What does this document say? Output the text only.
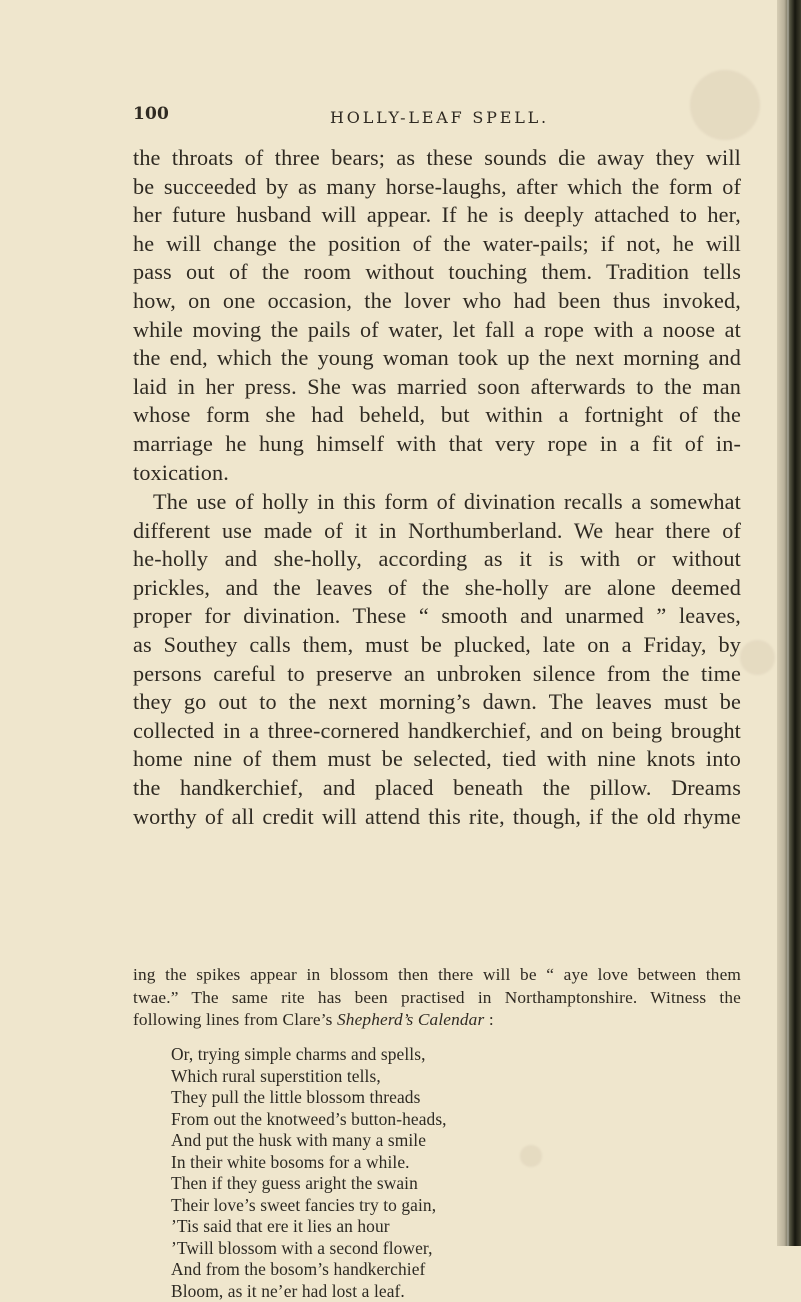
100	HOLLY-LEAF SPELL.
the throats of three bears; as these sounds die away they will
be succeeded by as many horse-laughs, after which the form of
her future husband will appear. If he is deeply attached to her,
he will change the position of the water-pails; if not, he will
pass out of the room without touching them. Tradition tells
how, on one occasion, the lover who had been thus invoked,
while moving the pails of water, let fall a rope with a noose at
the end, which the young woman took up the next morning and
laid in her press. She was married soon afterwards to the man
whose form she had beheld, but within a fortnight of the
marriage he hung himself with that very rope in a fit of in-
toxication.
The use of holly in this form of divination recalls a somewhat
different use made of it in Northumberland. We hear there of
he-holly and she-holly, according as it is with or without
prickles, and the leaves of the she-holly are alone deemed
proper for divination. These “ smooth and unarmed ” leaves,
as Southey calls them, must be plucked, late on a Friday, by
persons careful to preserve an unbroken silence from the time
they go out to the next morning’s dawn. The leaves must be
collected in a three-cornered handkerchief, and on being brought
home nine of them must be selected, tied with nine knots into
the handkerchief, and placed beneath the pillow. Dreams
worthy of all credit will attend this rite, though, if the old rhyme
ing the spikes appear in blossom then there will be “ aye love between them
twae.” The same rite has been practised in Northamptonshire. Witness the
following lines from Clare’s Shepherd’s Calendar :
Or, trying simple charms and spells,
Which rural superstition tells,
They pull the little blossom threads
From out the knotweed’s button-heads,
And put the husk with many a smile
In their white bosoms for a while.
Then if they guess aright the swain
Their love’s sweet fancies try to gain,
’Tis said that ere it lies an hour
’Twill blossom with a second flower,
And from the bosom’s handkerchief
Bloom, as it ne’er had lost a leaf.
